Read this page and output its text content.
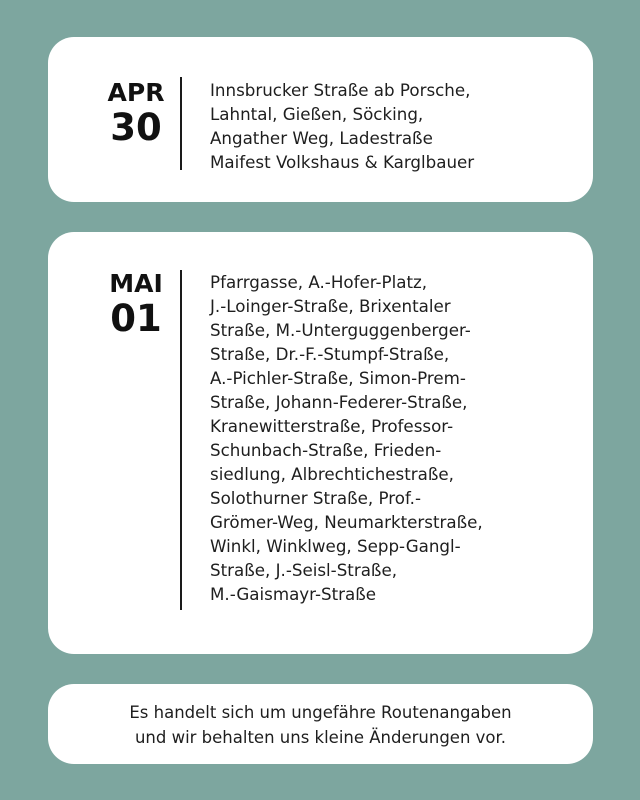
APR
30

Innsbrucker Straße ab Porsche,
Lahntal, Gießen, Söcking,
Angather Weg, Ladestraße
Maifest Volkshaus & Karglbauer

MAI
01

Pfarrgasse, A.-Hofer-Platz,
J.-Loinger-Straße, Brixentaler
Straße, M.-Unterguggenberger-
Straße, Dr.-F.-Stumpf-Straße,
A.-Pichler-Straße, Simon-Prem-
Straße, Johann-Federer-Straße,
Kranewitterstraße, Professor-
Schunbach-Straße, Frieden-
siedlung, Albrechtichestraße,
Solothurner Straße, Prof.-
Grömer-Weg, Neumarkterstraße,
Winkl, Winklweg, Sepp-Gangl-
Straße, J.-Seisl-Straße,
M.-Gaismayr-Straße

Es handelt sich um ungefähre Routenangaben
und wir behalten uns kleine Änderungen vor.
